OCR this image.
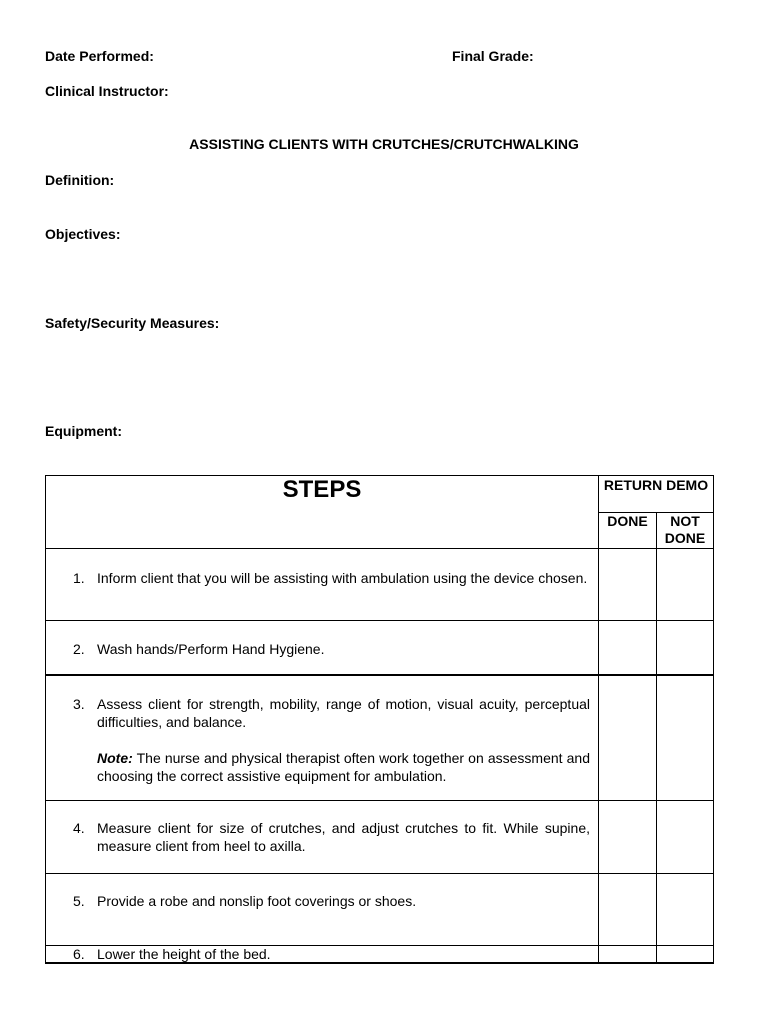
Date Performed:	Final Grade:
Clinical Instructor:
ASSISTING CLIENTS WITH CRUTCHES/CRUTCHWALKING
Definition:
Objectives:
Safety/Security Measures:
Equipment:
STEPS	RETURN DEMO	
	DONE	NOT DONE

1. Inform client that you will be assisting with ambulation using the device chosen.		

2. Wash hands/Perform Hand Hygiene.		

3. Assess client for strength, mobility, range of motion, visual acuity, perceptual difficulties, and balance.
Note: The nurse and physical therapist often work together on assessment and choosing the correct assistive equipment for ambulation.		

4. Measure client for size of crutches, and adjust crutches to fit. While supine, measure client from heel to axilla.		

5. Provide a robe and nonslip foot coverings or shoes.		

6. Lower the height of the bed.		
